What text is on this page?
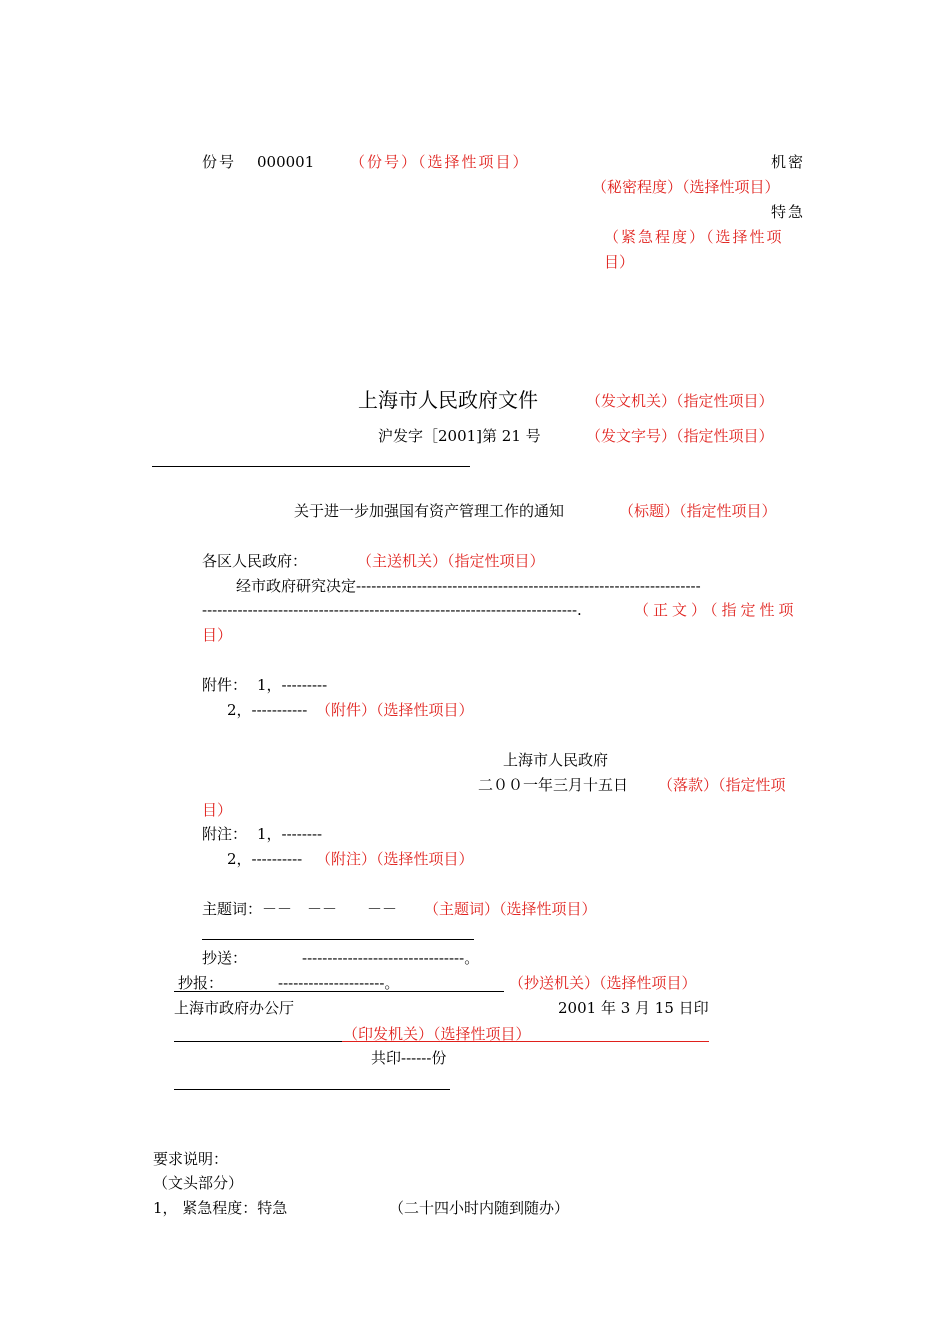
份号 000001 （份号）（选择性项目）	机密
（秘密程度）（选择性项目）
特急
（紧急程度）（选择性项
目）
上海市人民政府文件	（发文机关）（指定性项目）
沪发字［2001]第 21 号	（发文字号）（指定性项目）
关于进一步加强国有资产管理工作的通知	（标题）（指定性项目）
各区人民政府：	（主送机关）（指定性项目）
经市政府研究决定--------------------------------------------------------------------
--------------------------------------------------------------------------.	（正文）（指定性项
目）
附件： 1，---------
2，----------- （附件）（选择性项目）
上海市人民政府
二００一年三月十五日 （落款）（指定性项
目）
附注： 1，--------
2，---------- （附注）（选择性项目）
主题词：－－　－－　　－－ （主题词）（选择性项目）
抄送：	--------------------------------。
抄报：	---------------------。	（抄送机关）（选择性项目）
上海市政府办公厅	2001 年 3 月 15 日印
（印发机关）（选择性项目）
共印------份
要求说明：
（文头部分）
1， 紧急程度：特急	（二十四小时内随到随办）
